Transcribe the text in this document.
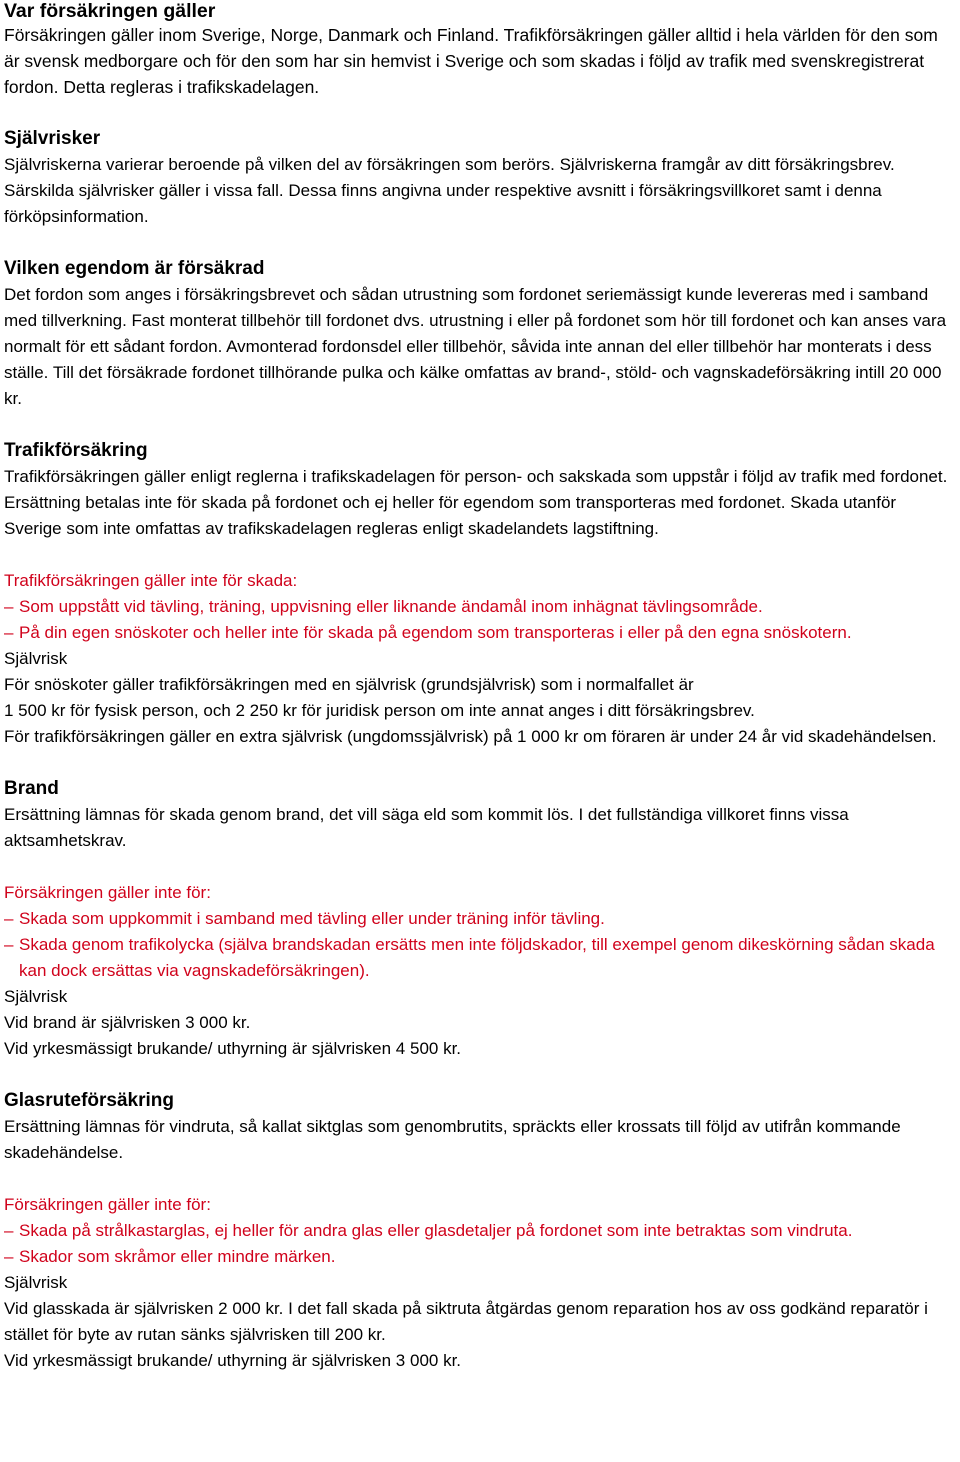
Var försäkringen gäller

Försäkringen gäller inom Sverige, Norge, Danmark och Finland. Trafikförsäkringen gäller alltid i hela världen för den som är svensk medborgare och för den som har sin hemvist i Sverige och som skadas i följd av trafik med svenskregistrerat fordon. Detta regleras i trafikskadelagen.

Självrisker

Självriskerna varierar beroende på vilken del av försäkringen som berörs. Självriskerna framgår av ditt försäkringsbrev. Särskilda självrisker gäller i vissa fall. Dessa finns angivna under respektive avsnitt i försäkringsvillkoret samt i denna förköpsinformation.

Vilken egendom är försäkrad

Det fordon som anges i försäkringsbrevet och sådan utrustning som fordonet seriemässigt kunde levereras med i samband med tillverkning. Fast monterat tillbehör till fordonet dvs. utrustning i eller på fordonet som hör till fordonet och kan anses vara normalt för ett sådant fordon. Avmonterad fordonsdel eller tillbehör, såvida inte annan del eller tillbehör har monterats i dess ställe. Till det försäkrade fordonet tillhörande pulka och kälke omfattas av brand-, stöld- och vagnskadeförsäkring intill 20 000 kr.

Trafikförsäkring

Trafikförsäkringen gäller enligt reglerna i trafikskadelagen för person- och sakskada som uppstår i följd av trafik med fordonet. Ersättning betalas inte för skada på fordonet och ej heller för egendom som transporteras med fordonet. Skada utanför Sverige som inte omfattas av trafikskadelagen regleras enligt skadelandets lagstiftning.

Trafikförsäkringen gäller inte för skada:

– Som uppstått vid tävling, träning, uppvisning eller liknande ändamål inom inhägnat tävlingsområde.
– På din egen snöskoter och heller inte för skada på egendom som transporteras i eller på den egna snöskotern.

Självrisk

För snöskoter gäller trafikförsäkringen med en självrisk (grundsjälvrisk) som i normalfallet är

1 500 kr för fysisk person, och 2 250 kr för juridisk person om inte annat anges i ditt försäkringsbrev.

För trafikförsäkringen gäller en extra självrisk (ungdomssjälvrisk) på 1 000 kr om föraren är under 24 år vid skadehändelsen.

Brand

Ersättning lämnas för skada genom brand, det vill säga eld som kommit lös. I det fullständiga villkoret finns vissa aktsamhetskrav.

Försäkringen gäller inte för:

– Skada som uppkommit i samband med tävling eller under träning inför tävling.
– Skada genom trafikolycka (själva brandskadan ersätts men inte följdskador, till exempel genom dikeskörning sådan skada kan dock ersättas via vagnskadeförsäkringen).

Självrisk

Vid brand är självrisken 3 000 kr.

Vid yrkesmässigt brukande/ uthyrning är självrisken 4 500 kr.

Glasruteförsäkring

Ersättning lämnas för vindruta, så kallat siktglas som genombrutits, spräckts eller krossats till följd av utifrån kommande skadehändelse.

Försäkringen gäller inte för:

– Skada på strålkastarglas, ej heller för andra glas eller glasdetaljer på fordonet som inte betraktas som vindruta.
– Skador som skråmor eller mindre märken.

Självrisk

Vid glasskada är självrisken 2 000 kr. I det fall skada på siktruta åtgärdas genom reparation hos av oss godkänd reparatör i stället för byte av rutan sänks självrisken till 200 kr.

Vid yrkesmässigt brukande/ uthyrning är självrisken 3 000 kr.
